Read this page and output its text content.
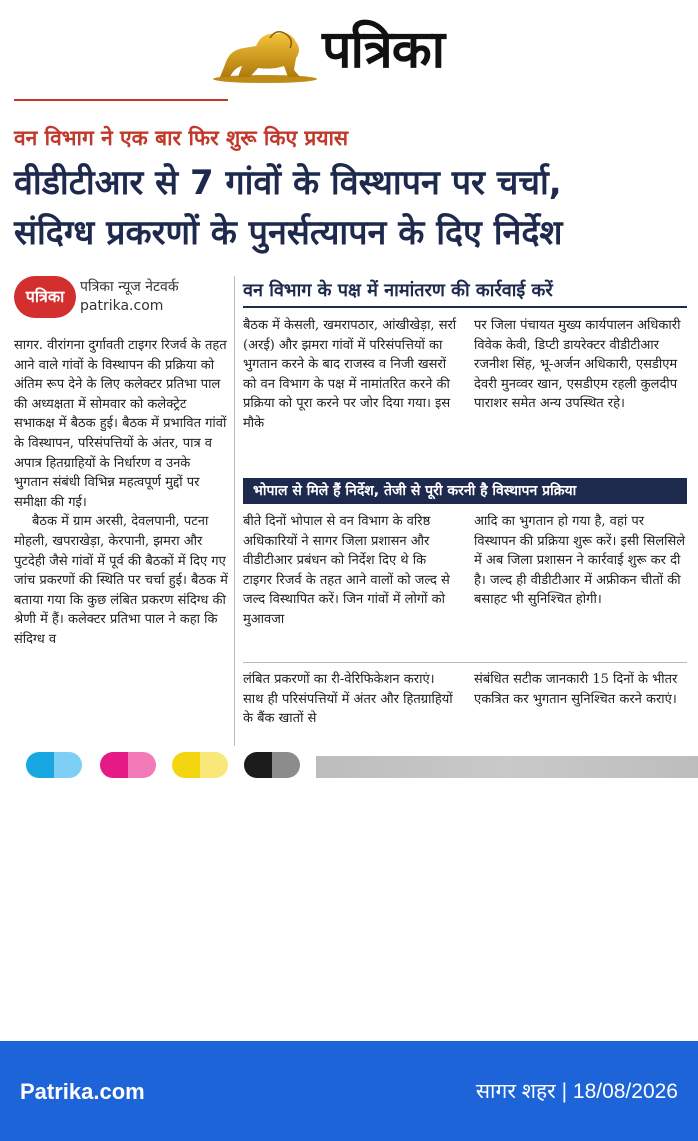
पत्रिका
वन विभाग ने एक बार फिर शुरू किए प्रयास
वीडीटीआर से 7 गांवों के विस्थापन पर चर्चा,
संदिग्ध प्रकरणों के पुनर्सत्यापन के दिए निर्देश
पत्रिका	पत्रिका न्यूज नेटवर्क
patrika.com

सागर. वीरांगना दुर्गावती टाइगर रिजर्व के तहत आने वाले गांवों के विस्थापन की प्रक्रिया को अंतिम रूप देने के लिए कलेक्टर प्रतिभा पाल की अध्यक्षता में सोमवार को कलेक्ट्रेट सभाकक्ष में बैठक हुई। बैठक में प्रभावित गांवों के विस्थापन, परिसंपत्तियों के अंतर, पात्र व अपात्र हितग्राहियों के निर्धारण व उनके भुगतान संबंधी विभिन्न महत्वपूर्ण मुद्दों पर समीक्षा की गई।

बैठक में ग्राम अरसी, देवलपानी, पटना मोहली, खपराखेड़ा, केरपानी, झमरा और पुटदेही जैसे गांवों में पूर्व की बैठकों में दिए गए जांच प्रकरणों की स्थिति पर चर्चा हुई। बैठक में बताया गया कि कुछ लंबित प्रकरण संदिग्ध की श्रेणी में हैं। कलेक्टर प्रतिभा पाल ने कहा कि संदिग्ध व

वन विभाग के पक्ष में नामांतरण की कार्रवाई करें
बैठक में केसली, खमरापठार, आंखीखेड़ा, सर्रा (अरई) और झमरा गांवों में परिसंपत्तियों का भुगतान करने के बाद राजस्व व निजी खसरों को वन विभाग के पक्ष में नामांतरित करने की प्रक्रिया को पूरा करने पर जोर दिया गया। इस मौके
पर जिला पंचायत मुख्य कार्यपालन अधिकारी विवेक केवी, डिप्टी डायरेक्टर वीडीटीआर रजनीश सिंह, भू-अर्जन अधिकारी, एसडीएम देवरी मुनव्वर खान, एसडीएम रहली कुलदीप पाराशर समेत अन्य उपस्थित रहे।
भोपाल से मिले हैं निर्देश, तेजी से पूरी करनी है विस्थापन प्रक्रिया
बीते दिनों भोपाल से वन विभाग के वरिष्ठ अधिकारियों ने सागर जिला प्रशासन और वीडीटीआर प्रबंधन को निर्देश दिए थे कि टाइगर रिजर्व के तहत आने वालों को जल्द से जल्द विस्थापित करें। जिन गांवों में लोगों को मुआवजा
आदि का भुगतान हो गया है, वहां पर विस्थापन की प्रक्रिया शुरू करें। इसी सिलसिले में अब जिला प्रशासन ने कार्रवाई शुरू कर दी है। जल्द ही वीडीटीआर में अफ्रीकन चीतों की बसाहट भी सुनिश्चित होगी।
लंबित प्रकरणों का री-वेरिफिकेशन कराएं। साथ ही परिसंपत्तियों में अंतर और हितग्राहियों के बैंक खातों से
संबंधित सटीक जानकारी 15 दिनों के भीतर एकत्रित कर भुगतान सुनिश्चित करने कराएं।
Patrika.com	सागर शहर | 18/08/2026
